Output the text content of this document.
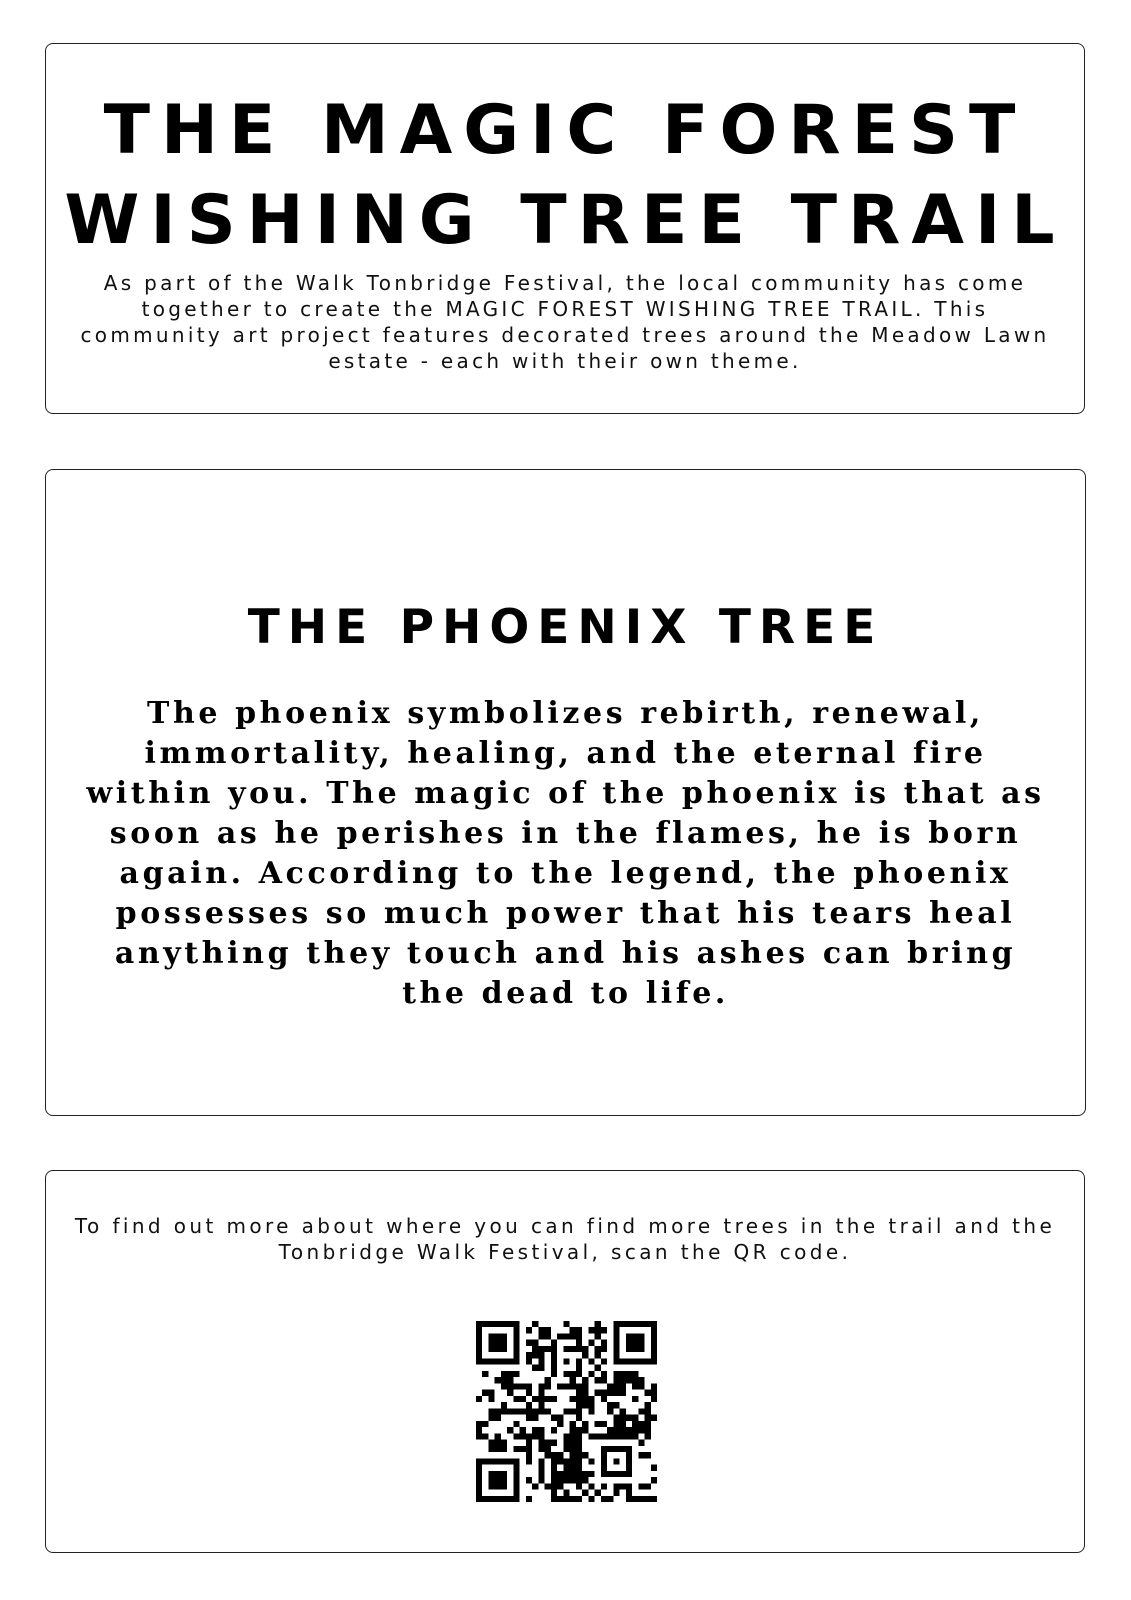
THE MAGIC FOREST
WISHING TREE TRAIL

As part of the Walk Tonbridge Festival, the local community has come together to create the MAGIC FOREST WISHING TREE TRAIL. This community art project features decorated trees around the Meadow Lawn estate - each with their own theme.

THE PHOENIX TREE

The phoenix symbolizes rebirth, renewal, immortality, healing, and the eternal fire within you. The magic of the phoenix is that as soon as he perishes in the flames, he is born again. According to the legend, the phoenix possesses so much power that his tears heal anything they touch and his ashes can bring the dead to life.

To find out more about where you can find more trees in the trail and the Tonbridge Walk Festival, scan the QR code.
